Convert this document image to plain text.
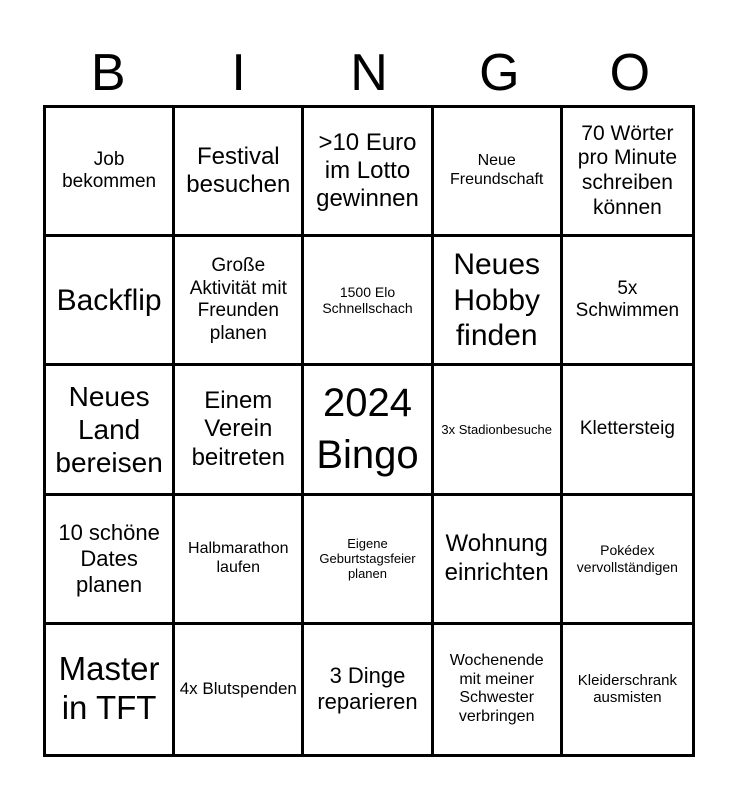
B	I	N	G	O
Job bekommen
Festival besuchen
>10 Euro im Lotto gewinnen
Neue Freundschaft
70 Wörter pro Minute schreiben können
Backflip
Große Aktivität mit Freunden planen
1500 Elo Schnellschach
Neues Hobby finden
5x Schwimmen
Neues Land bereisen
Einem Verein beitreten
2024 Bingo
3x Stadionbesuche Klettersteig
10 schöne Dates planen
Halbmarathon laufen
Eigene Geburtstagsfeier planen
Wohnung einrichten
Pokédex vervollständigen
Master in TFT
4x Blutspenden
3 Dinge reparieren
Wochenende mit meiner Schwester verbringen
Kleiderschrank ausmisten
